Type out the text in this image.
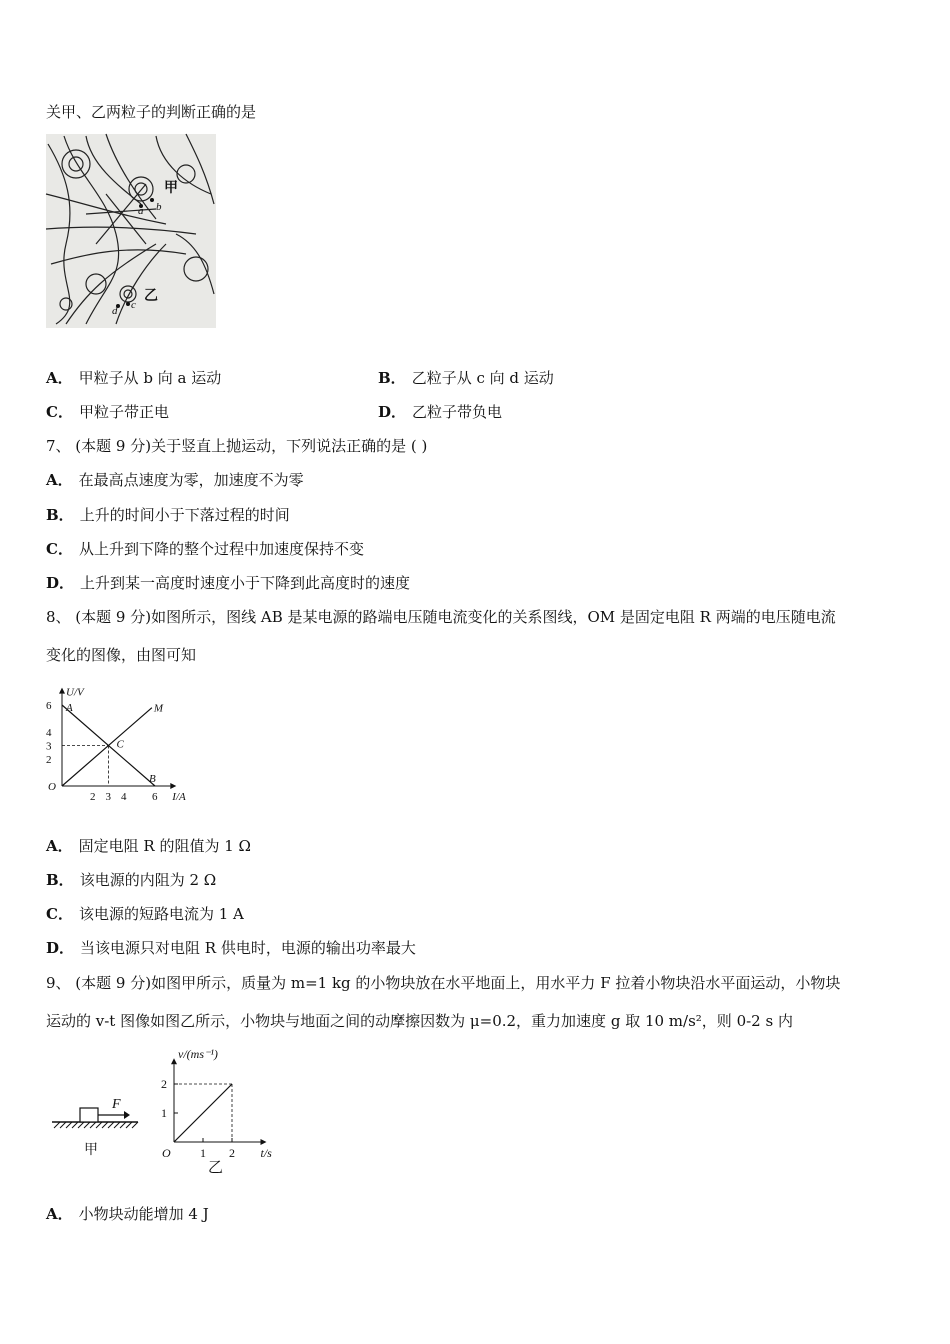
关甲、乙两粒子的判断正确的是
甲
a b
乙
c
d
A． 甲粒子从 b 向 a 运动	B． 乙粒子从 c 向 d 运动
C． 甲粒子带正电	D． 乙粒子带负电
7、 (本题 9 分)关于竖直上抛运动，下列说法正确的是 ( )
A． 在最高点速度为零，加速度不为零
B． 上升的时间小于下落过程的时间
C． 从上升到下降的整个过程中加速度保持不变
D． 上升到某一高度时速度小于下降到此高度时的速度
8、 (本题 9 分)如图所示，图线 AB 是某电源的路端电压随电流变化的关系图线，OM 是固定电阻 R 两端的电压随电流
变化的图像，由图可知
2 3 4 6
6
4
3
2
O
I/A
U/V
A
B
M
C
A． 固定电阻 R 的阻值为 1 Ω
B． 该电源的内阻为 2 Ω
C． 该电源的短路电流为 1 A
D． 当该电源只对电阻 R 供电时，电源的输出功率最大
9、 (本题 9 分)如图甲所示，质量为 m=1 kg 的小物块放在水平地面上，用水平力 F 拉着小物块沿水平面运动，小物块
运动的 v-t 图像如图乙所示，小物块与地面之间的动摩擦因数为 μ=0.2，重力加速度 g 取 10 m/s²，则 0-2 s 内
F
甲	1 2
1
2
O	t/s
v/(ms⁻¹)
乙
A． 小物块动能增加 4 J
